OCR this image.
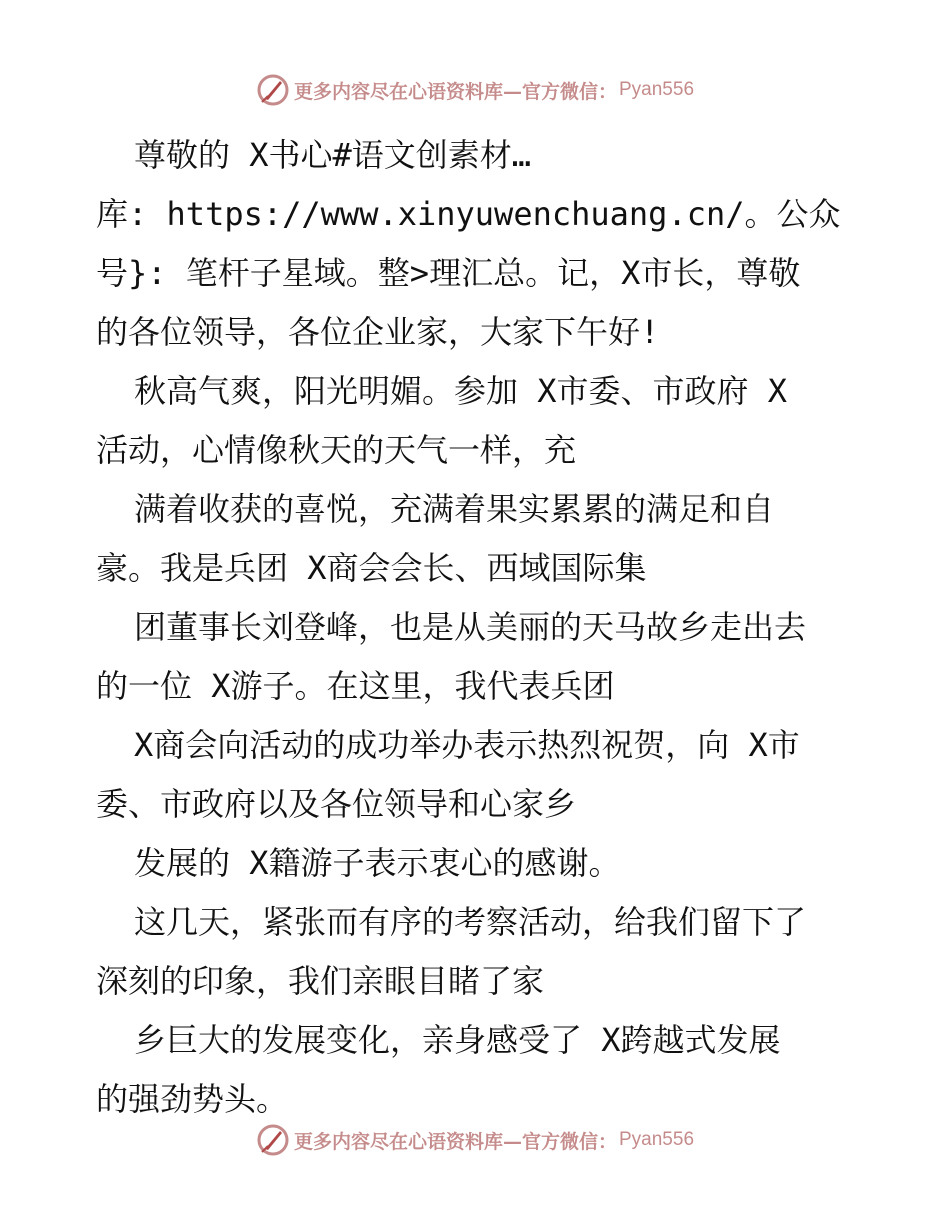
更多内容尽在心语资料库—官方微信： Pyan556
尊敬的 X书心#语文创素材…
库: https://www.xinyuwenchuang.cn/。公众
号}: 笔杆子星域。整>理汇总。记，X市长，尊敬
的各位领导，各位企业家，大家下午好!
秋高气爽，阳光明媚。参加 X市委、市政府 X
活动，心情像秋天的天气一样，充
满着收获的喜悦，充满着果实累累的满足和自
豪。我是兵团 X商会会长、西域国际集
团董事长刘登峰，也是从美丽的天马故乡走出去
的一位 X游子。在这里，我代表兵团
X商会向活动的成功举办表示热烈祝贺，向 X市
委、市政府以及各位领导和心家乡
发展的 X籍游子表示衷心的感谢。
这几天，紧张而有序的考察活动，给我们留下了
深刻的印象，我们亲眼目睹了家
乡巨大的发展变化，亲身感受了 X跨越式发展
的强劲势头。
更多内容尽在心语资料库—官方微信： Pyan556
